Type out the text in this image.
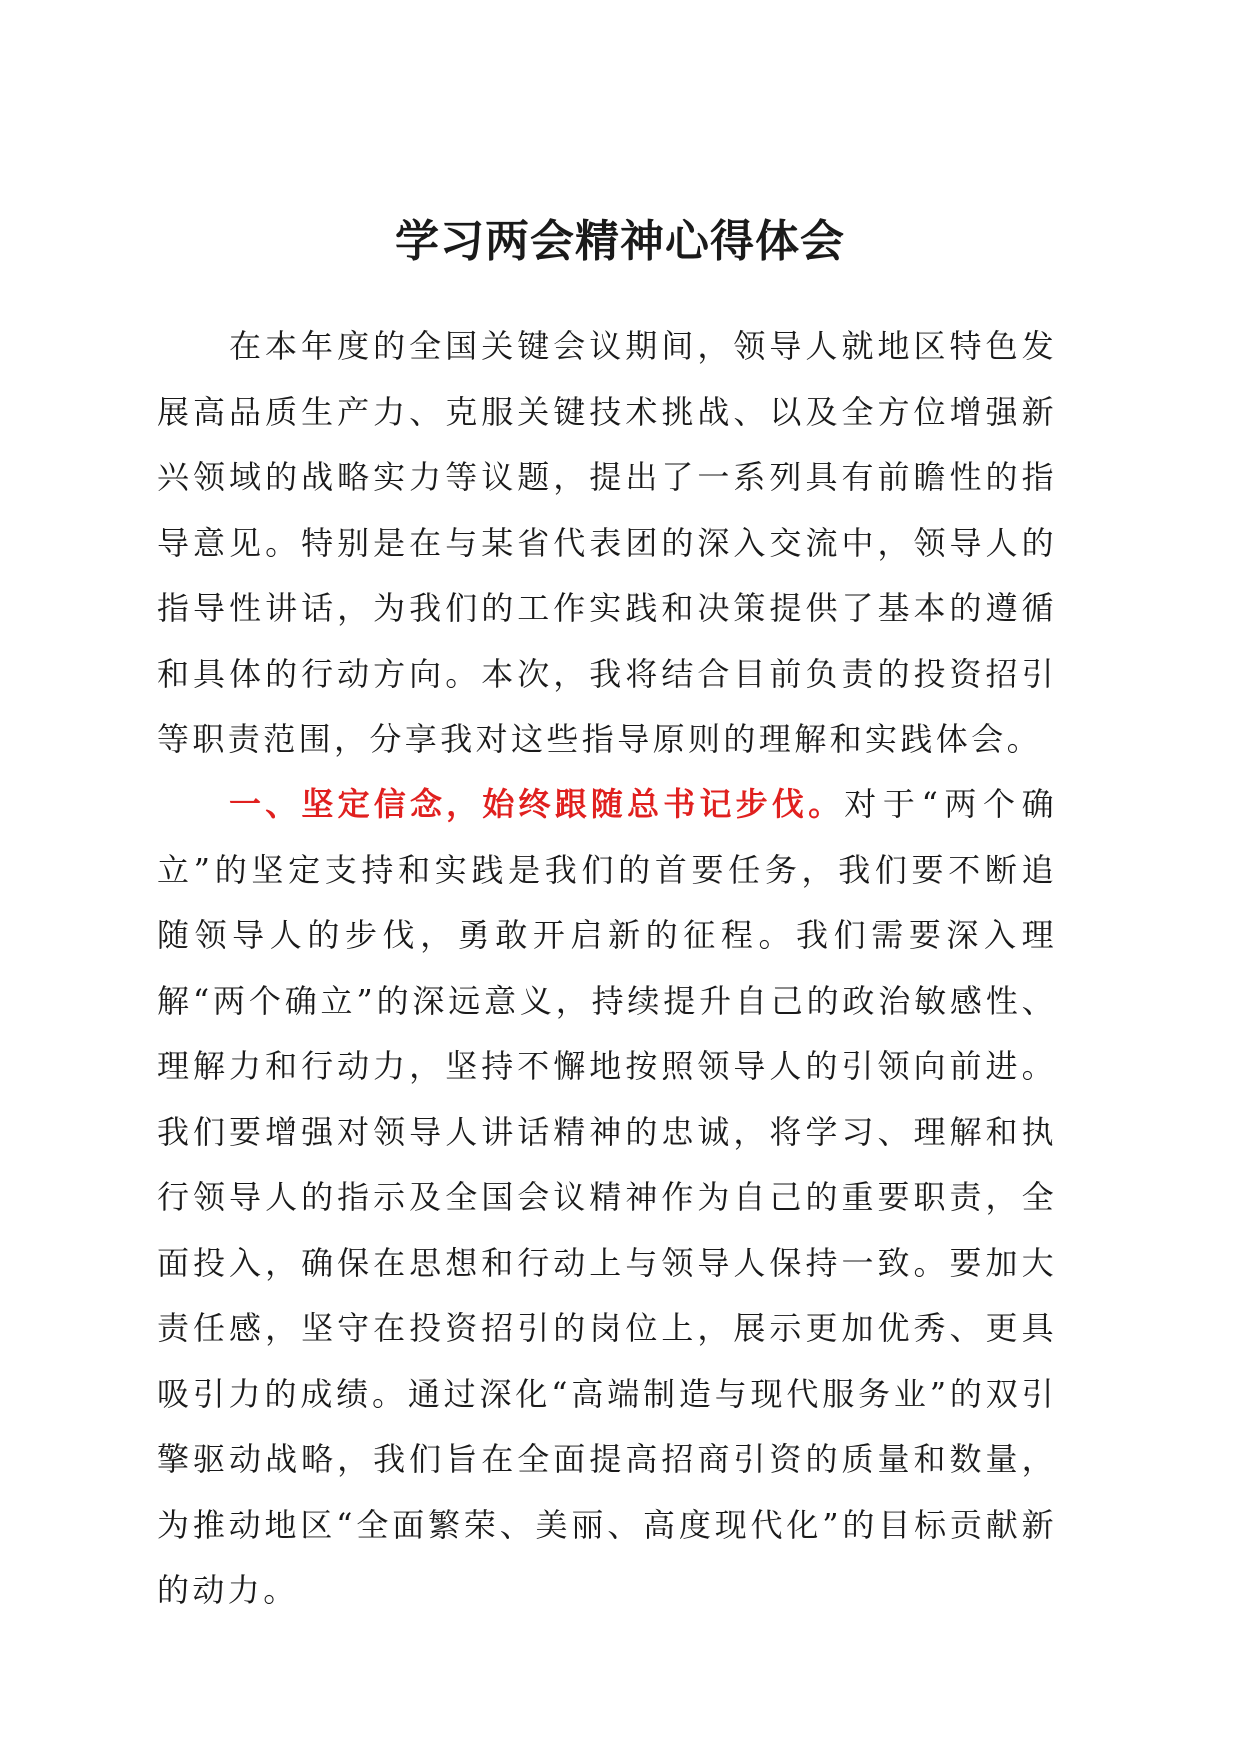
学习两会精神心得体会

在本年度的全国关键会议期间，领导人就地区特色发展高品质生产力、克服关键技术挑战、以及全方位增强新兴领域的战略实力等议题，提出了一系列具有前瞻性的指导意见。特别是在与某省代表团的深入交流中，领导人的指导性讲话，为我们的工作实践和决策提供了基本的遵循和具体的行动方向。本次，我将结合目前负责的投资招引等职责范围，分享我对这些指导原则的理解和实践体会。

一、坚定信念，始终跟随总书记步伐。对于“两个确立”的坚定支持和实践是我们的首要任务，我们要不断追随领导人的步伐，勇敢开启新的征程。我们需要深入理解“两个确立”的深远意义，持续提升自己的政治敏感性、理解力和行动力，坚持不懈地按照领导人的引领向前进。我们要增强对领导人讲话精神的忠诚，将学习、理解和执行领导人的指示及全国会议精神作为自己的重要职责，全面投入，确保在思想和行动上与领导人保持一致。要加大责任感，坚守在投资招引的岗位上，展示更加优秀、更具吸引力的成绩。通过深化“高端制造与现代服务业”的双引擎驱动战略，我们旨在全面提高招商引资的质量和数量，为推动地区“全面繁荣、美丽、高度现代化”的目标贡献新的动力。
